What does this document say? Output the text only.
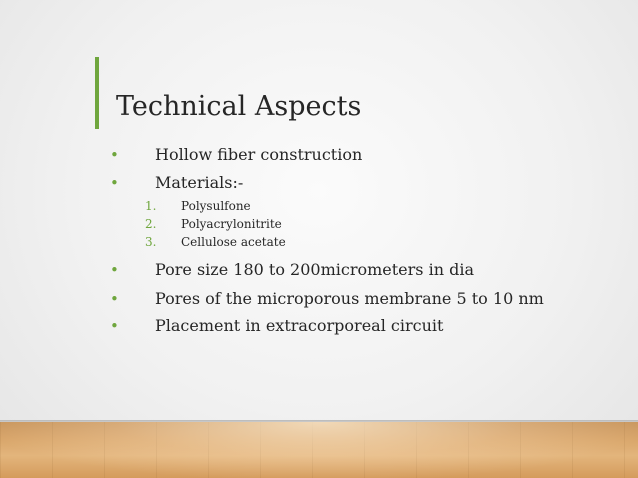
Technical Aspects
• Hollow fiber construction
• Materials:-
1. Polysulfone
2. Polyacrylonitrite
3. Cellulose acetate
• Pore size 180 to 200micrometers in dia
• Pores of the microporous membrane 5 to 10 nm
• Placement in extracorporeal circuit
